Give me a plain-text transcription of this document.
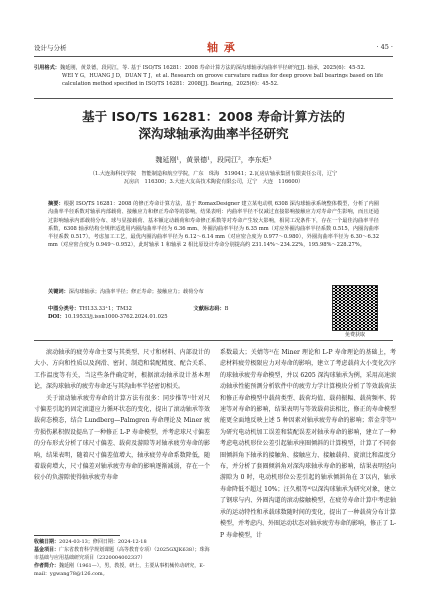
设计与分析	轴 承	· 45 ·
引用格式：魏延刚，黄景德，段同江，等. 基于 ISO/TS 16281：2008 寿命计算方法的深沟球轴承沟曲率半径研究[J]. 轴承，2025(6)：45-52.
WEI Y G，HUANG J D，DUAN T J，et al. Research on groove curvature radius for deep groove ball bearings based on life calculation method specified in ISO/TS 16281：2008[J]. Bearing，2025(6)：45-52.
基于 ISO/TS 16281：2008 寿命计算方法的
深沟球轴承沟曲率半径研究
魏延刚¹，黄景德¹，段同江²，李东炬³
（1.大连海科技学院　智能制造和航空学院，广东　珠海　519041；2.瓦房店轴承集团有限责任公司，辽宁
瓦房店　116300；3.大连大友高技术陶瓷有限公司，辽宁　大连　116600）
摘要：根据 ISO/TS 16281：2008 的修正寿命计算方法，基于 RomaxDesigner 建立某电动机 6308 深沟球轴承系统整体模型，分析了内圈沟曲率半径系数对轴承内部载荷、接触应力和修正寿命等的影响，结果表明：内曲率半径不仅减过直接影响接触应力对寿命产生影响，而且还通过影响轴承内部载荷分布、球与显接载荷、基本额定动载荷和寿命修正系数等对寿命产生较大影响，相同工况条件下，存在一个最佳沟曲率半径系数，6308 轴承结构全规律适选用内圈沟曲率半径为 6.36 mm、外圈沟曲率半径为 6.35 mm（对应外圈沟曲率半径系数 0.515，内圈沟曲率半径系数 0.517）。考虑加工工艺，最优内圈沟曲率半径为 6.12～6.14 mm（对应密合度为 0.977～0.980），外圈沟曲率半径为 6.30～6.32 mm（对应密合度为 0.949～0.952），此时轴承 1 和轴承 2 相比原设计寿命分别提高约 231.14%～234.22%，195.98%～228.27%。
关键词：深沟球轴承；沟曲率半径；修正寿命；接触应力；载荷分布
中图分类号：TH133.33⁺1；TM32	文献标志码：B
DOI：10.19533/j.issn1000-3762.2024.01.025
免费获取

滚动轴承的疲劳寿命主要与其类型、尺寸和材料、内部设计的大小、方向和性质以及润滑、密封、制造和装配精度、配合关系、工作温度等有关，当这些条件确定时，根据滚动轴承设计基本理论，深沟球轴承的疲劳寿命还与其沟曲率半径密切相关。

关于滚动轴承疲劳寿命的计算方法有很多：同步推等¹⁾针对尺寸偏差引起的固定滚道应力循环状态的变化，提出了滚动轴承等效载荷态模态，结合 Lundberg—Palmgren 寿命理论及 Miner 疲劳损伤累积假设提出了一种修正 L-P 寿命模型，并考虑球尺寸偏差的分布形式分析了球尺寸偏差、载荷及游隙等对轴承疲劳寿命的影响，结果表明，随着尺寸偏差值增大，轴承疲劳寿命系数降低，随着载荷增大，尺寸偏差对轴承疲劳寿命的影响逐渐减弱，存在一个较小的负游隙使得轴承疲劳寿命

系数最大；关婧等²⁾在 Miner 理论和 L-P 寿命理论的基础上，考虑材料疲劳极限应力对寿命的影响，建立了考虑载荷大小变化次序的球轴承疲劳寿命模型，并以 6205 深沟球轴承为例，采用高速滚动轴承性能预测分析软件中的疲劳力学计算模块分析了等效载荷法和修正寿命模型中载荷类型、载荷均值、载荷振幅、载荷频率、转速等对寿命的影响，结果表明与等效载荷法相比，修正的寿命模型能更全面地反映上述 5 种因素对轴承疲劳寿命的影响；常金芽等³⁾为研究电动机加工误差和装配误差对轴承寿命的影响，建立了一种考虑电动机形位公差引起轴承座圈倾斜的计算模型，计算了不同套圈倾斜角下轴承的接触角、接触应力、接触载荷、旋滚比和温度分布，并分析了套圈倾斜角对深沟球轴承寿命的影响，结果表明径向游隙为 0 时，电动机形位公差引起的轴承倾斜角在 3′以内，轴承寿命降低不超过 10%；汪久根等⁴⁾以深沟球轴承为研究对象，建立了钢球与内、外圈沟道的滚动接触模型，在疲劳寿命计算中考虑轴承的运动特性和承载球数随时间的变化，提出了一种载荷分布计算模型，并考虑内、外圈运动状态对轴承疲劳寿命的影响，修正了 L-P 寿命模型，计

收稿日期：2024-03-13；修回日期：2024-12-18
基金项目：广东省教育科学规划课题（高等教育专项）（2025GXJK638）；珠海市基础与应用基础研究项目（2320004002337）
作者简介：魏延刚（1961—），男，教授，研士，主要从事机械传动研究，E-mail：ygwang78@126.com。
